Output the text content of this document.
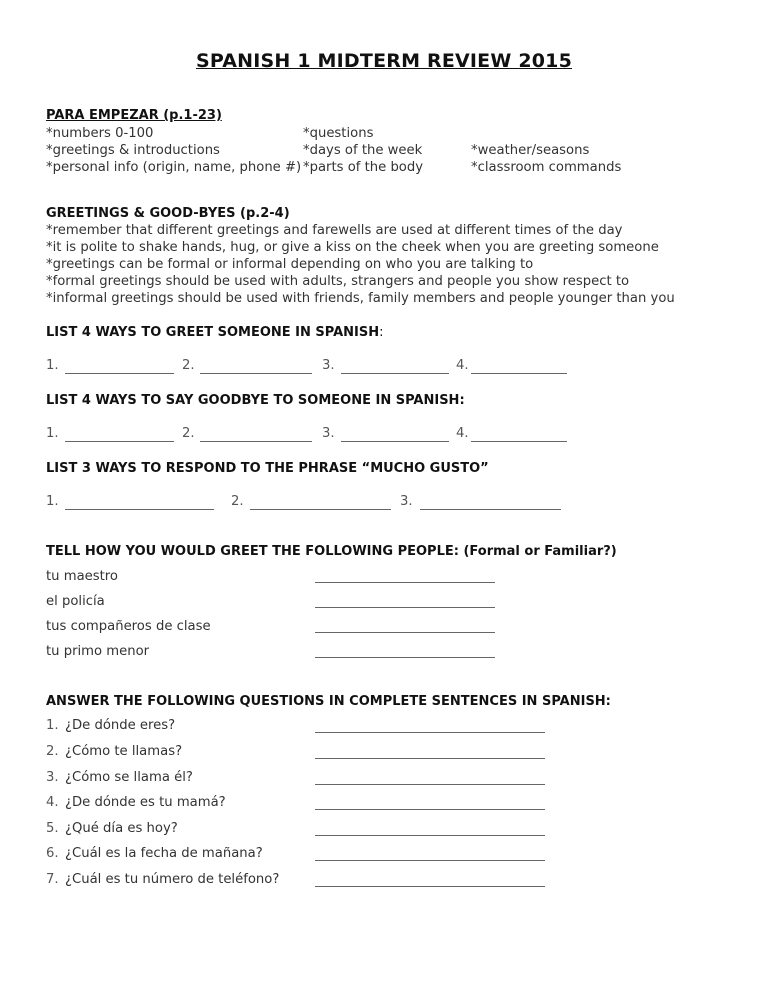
SPANISH 1 MIDTERM REVIEW 2015
PARA EMPEZAR (p.1-23)
*numbers 0-100
*greetings & introductions
*personal info (origin, name, phone #)
*questions
*days of the week
*parts of the body
*weather/seasons
*classroom commands
GREETINGS & GOOD-BYES (p.2-4)
*remember that different greetings and farewells are used at different times of the day
*it is polite to shake hands, hug, or give a kiss on the cheek when you are greeting someone
*greetings can be formal or informal depending on who you are talking to
*formal greetings should be used with adults, strangers and people you show respect to
*informal greetings should be used with friends, family members and people younger than you
LIST 4 WAYS TO GREET SOMEONE IN SPANISH:
1.	2.	3.	4.
LIST 4 WAYS TO SAY GOODBYE TO SOMEONE IN SPANISH:
1.	2.	3.	4.
LIST 3 WAYS TO RESPOND TO THE PHRASE “MUCHO GUSTO”
1.	2.	3.
TELL HOW YOU WOULD GREET THE FOLLOWING PEOPLE: (Formal or Familiar?)
tu maestro
el policía
tus compañeros de clase
tu primo menor
ANSWER THE FOLLOWING QUESTIONS IN COMPLETE SENTENCES IN SPANISH:
1. ¿De dónde eres?
2. ¿Cómo te llamas?
3. ¿Cómo se llama él?
4. ¿De dónde es tu mamá?
5. ¿Qué día es hoy?
6. ¿Cuál es la fecha de mañana?
7. ¿Cuál es tu número de teléfono?
